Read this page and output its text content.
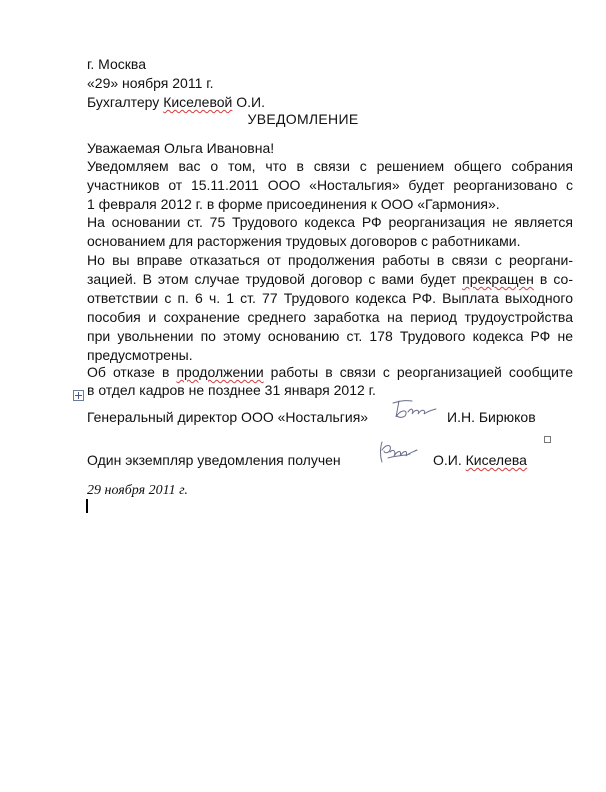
г. Москва
«29» ноября 2011 г.
Бухгалтеру Киселевой О.И.
УВЕДОМЛЕНИЕ
Уважаемая Ольга Ивановна!
Уведомляем вас о том, что в связи с решением общего собрания
участников от 15.11.2011 ООО «Ностальгия» будет реорганизовано с
1 февраля 2012 г. в форме присоединения к ООО «Гармония».
На основании ст. 75 Трудового кодекса РФ реорганизация не является
основанием для расторжения трудовых договоров с работниками.
Но вы вправе отказаться от продолжения работы в связи с реоргани-
зацией. В этом случае трудовой договор с вами будет прекращен в со-
ответствии с п. 6 ч. 1 ст. 77 Трудового кодекса РФ. Выплата выходного
пособия и сохранение среднего заработка на период трудоустройства
при увольнении по этому основанию ст. 178 Трудового кодекса РФ не
предусмотрены.
Об отказе в продолжении работы в связи с реорганизацией сообщите
в отдел кадров не позднее 31 января 2012 г.
Генеральный директор ООО «Ностальгия»	И.Н. Бирюков
Один экземпляр уведомления получен	О.И. Киселева
29 ноября 2011 г.
